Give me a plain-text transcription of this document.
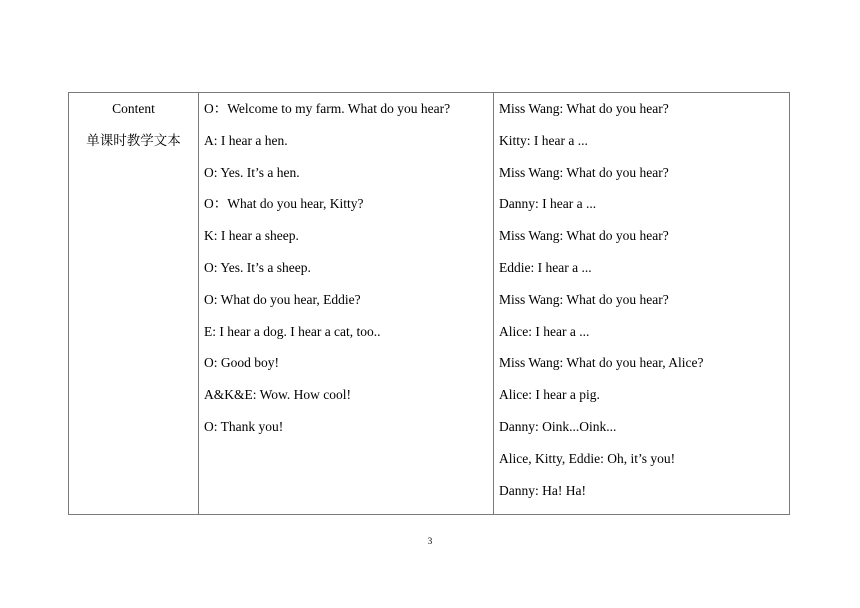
Content
单课时教学文本

O：Welcome to my farm. What do you hear?
A: I hear a hen.
O: Yes. It’s a hen.
O：What do you hear, Kitty?
K: I hear a sheep.
O: Yes. It’s a sheep.
O: What do you hear, Eddie?
E: I hear a dog. I hear a cat, too..
O: Good boy!
A&K&E: Wow. How cool!
O: Thank you!

Miss Wang: What do you hear?
Kitty: I hear a ...
Miss Wang: What do you hear?
Danny: I hear a ...
Miss Wang: What do you hear?
Eddie: I hear a ...
Miss Wang: What do you hear?
Alice: I hear a ...
Miss Wang: What do you hear, Alice?
Alice: I hear a pig.
Danny: Oink...Oink...
Alice, Kitty, Eddie: Oh, it’s you!
Danny: Ha! Ha!
3
